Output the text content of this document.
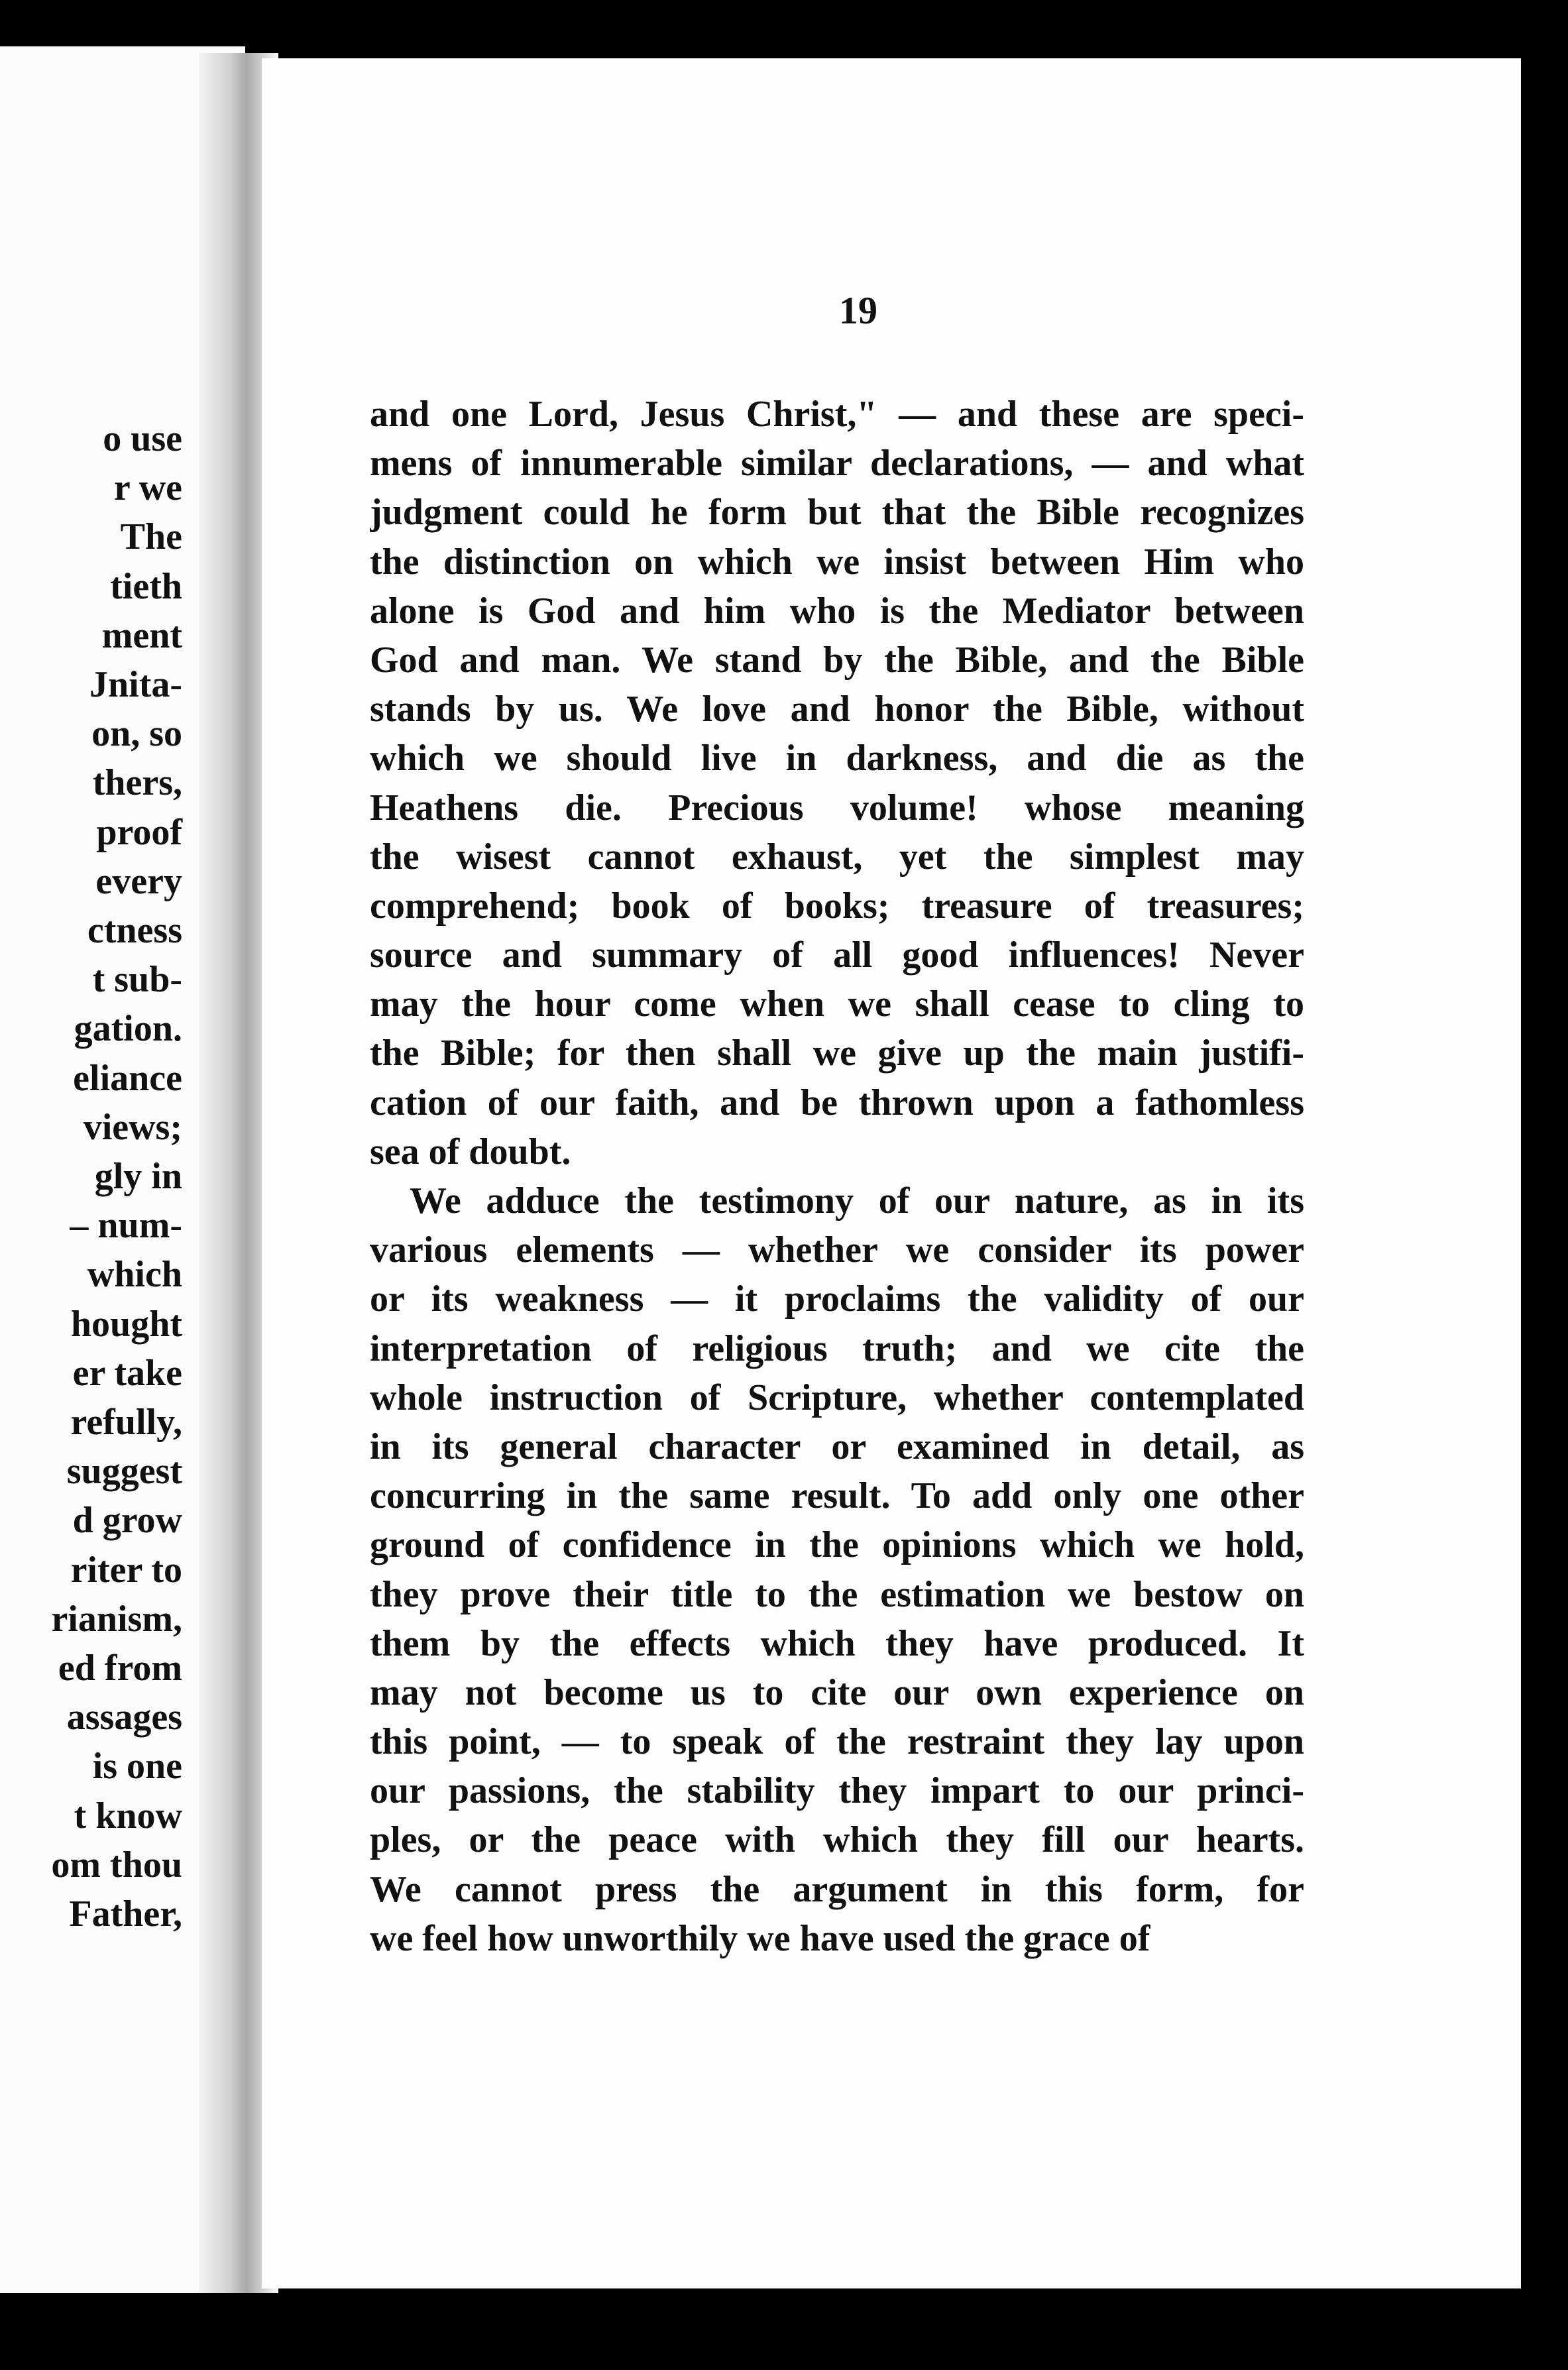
o use
r we
The
tieth
ment
Jnita-
on, so
thers,
proof
every
ctness
t sub-
gation.
eliance
views;
gly in
– num-
which
hought
er take
refully,
suggest
d grow
riter to
rianism,
ed from
assages
is one
t know
om thou
Father,
19
and one Lord, Jesus Christ," — and these are speci-
mens of innumerable similar declarations, — and what
judgment could he form but that the Bible recognizes
the distinction on which we insist between Him who
alone is God and him who is the Mediator between
God and man. We stand by the Bible, and the Bible
stands by us. We love and honor the Bible, without
which we should live in darkness, and die as the
Heathens die. Precious volume! whose meaning
the wisest cannot exhaust, yet the simplest may
comprehend; book of books; treasure of treasures;
source and summary of all good influences! Never
may the hour come when we shall cease to cling to
the Bible; for then shall we give up the main justifi-
cation of our faith, and be thrown upon a fathomless
sea of doubt.
We adduce the testimony of our nature, as in its
various elements — whether we consider its power
or its weakness — it proclaims the validity of our
interpretation of religious truth; and we cite the
whole instruction of Scripture, whether contemplated
in its general character or examined in detail, as
concurring in the same result. To add only one other
ground of confidence in the opinions which we hold,
they prove their title to the estimation we bestow on
them by the effects which they have produced. It
may not become us to cite our own experience on
this point, — to speak of the restraint they lay upon
our passions, the stability they impart to our princi-
ples, or the peace with which they fill our hearts.
We cannot press the argument in this form, for
we feel how unworthily we have used the grace of
